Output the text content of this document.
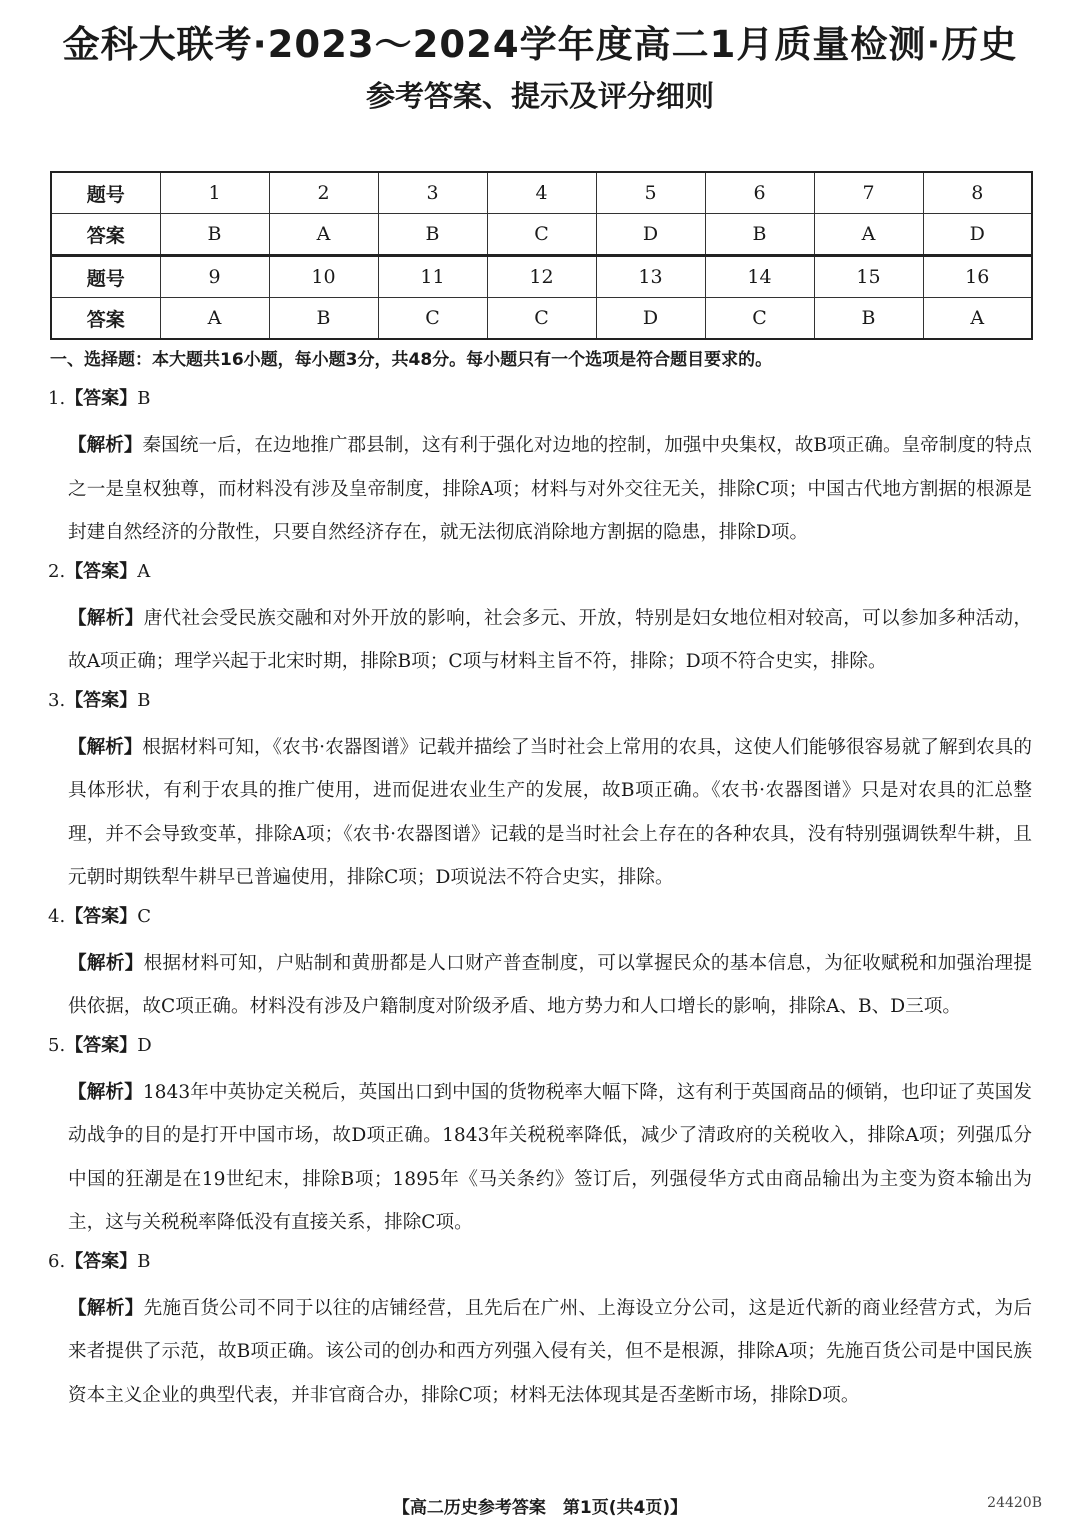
金科大联考·2023～2024学年度高二1月质量检测·历史
参考答案、提示及评分细则
题号	1	2	3	4	5	6	7	8
答案	B	A	B	C	D	B	A	D
题号	9	10	11	12	13	14	15	16
答案	A	B	C	C	D	C	B	A
一、选择题：本大题共16小题，每小题3分，共48分。每小题只有一个选项是符合题目要求的。
1.【答案】B
【解析】秦国统一后，在边地推广郡县制，这有利于强化对边地的控制，加强中央集权，故B项正确。皇帝制度的特点之一是皇权独尊，而材料没有涉及皇帝制度，排除A项；材料与对外交往无关，排除C项；中国古代地方割据的根源是封建自然经济的分散性，只要自然经济存在，就无法彻底消除地方割据的隐患，排除D项。
2.【答案】A
【解析】唐代社会受民族交融和对外开放的影响，社会多元、开放，特别是妇女地位相对较高，可以参加多种活动，故A项正确；理学兴起于北宋时期，排除B项；C项与材料主旨不符，排除；D项不符合史实，排除。
3.【答案】B
【解析】根据材料可知，《农书·农器图谱》记载并描绘了当时社会上常用的农具，这使人们能够很容易就了解到农具的具体形状，有利于农具的推广使用，进而促进农业生产的发展，故B项正确。《农书·农器图谱》只是对农具的汇总整理，并不会导致变革，排除A项；《农书·农器图谱》记载的是当时社会上存在的各种农具，没有特别强调铁犁牛耕，且元朝时期铁犁牛耕早已普遍使用，排除C项；D项说法不符合史实，排除。
4.【答案】C
【解析】根据材料可知，户贴制和黄册都是人口财产普查制度，可以掌握民众的基本信息，为征收赋税和加强治理提供依据，故C项正确。材料没有涉及户籍制度对阶级矛盾、地方势力和人口增长的影响，排除A、B、D三项。
5.【答案】D
【解析】1843年中英协定关税后，英国出口到中国的货物税率大幅下降，这有利于英国商品的倾销，也印证了英国发动战争的目的是打开中国市场，故D项正确。1843年关税税率降低，减少了清政府的关税收入，排除A项；列强瓜分中国的狂潮是在19世纪末，排除B项；1895年《马关条约》签订后，列强侵华方式由商品输出为主变为资本输出为主，这与关税税率降低没有直接关系，排除C项。
6.【答案】B
【解析】先施百货公司不同于以往的店铺经营，且先后在广州、上海设立分公司，这是近代新的商业经营方式，为后来者提供了示范，故B项正确。该公司的创办和西方列强入侵有关，但不是根源，排除A项；先施百货公司是中国民族资本主义企业的典型代表，并非官商合办，排除C项；材料无法体现其是否垄断市场，排除D项。
【高二历史参考答案　第1页(共4页)】	24420B
